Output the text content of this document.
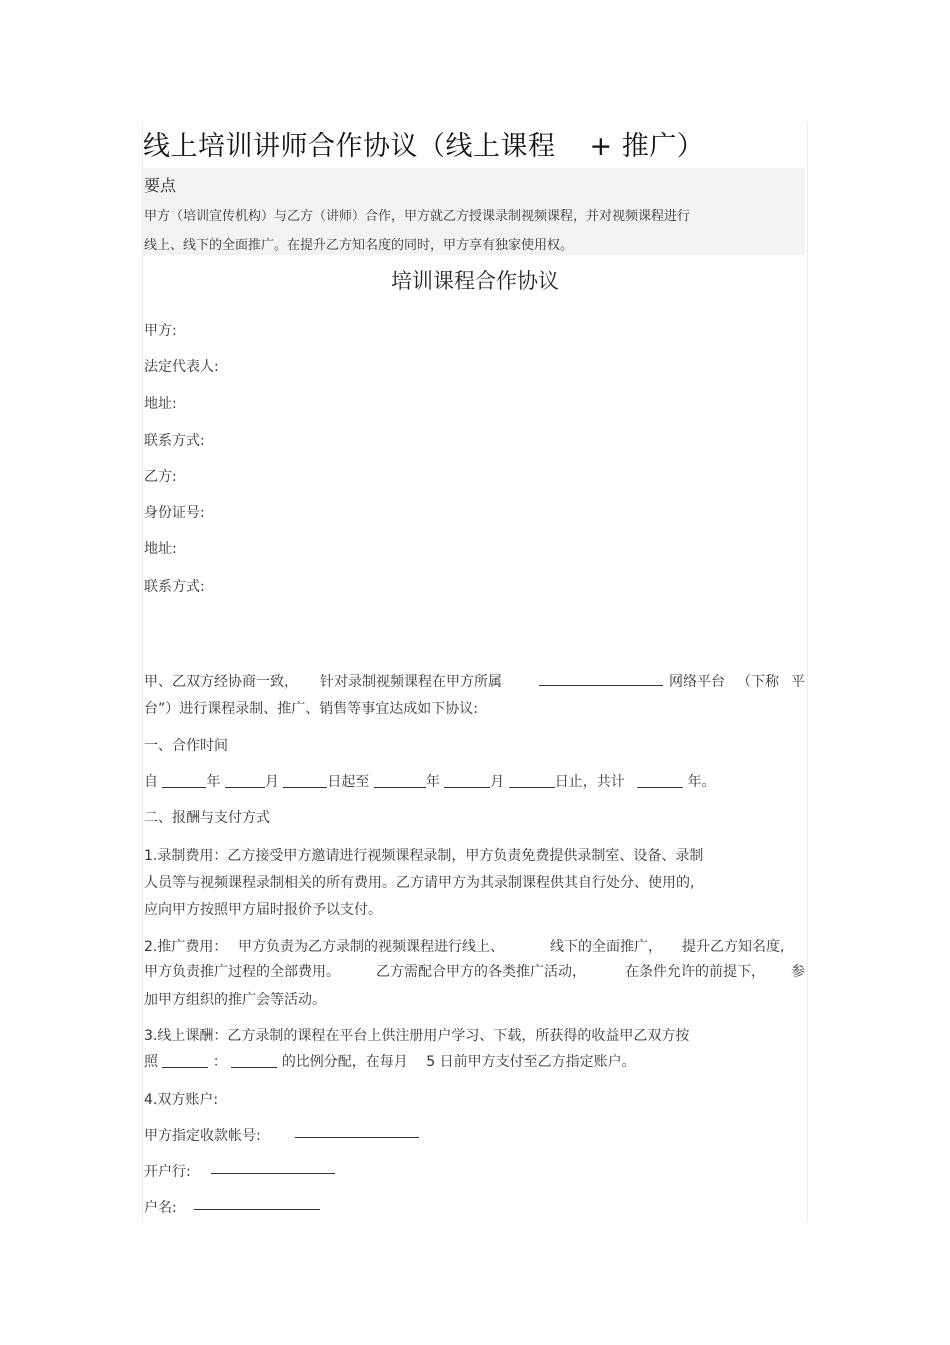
线上培训讲师合作协议（线上课程 + 推广）
要点
甲方（培训宣传机构）与乙方（讲师）合作，甲方就乙方授课录制视频课程，并对视频课程进行
线上、线下的全面推广。在提升乙方知名度的同时，甲方享有独家使用权。
培训课程合作协议
甲方:
法定代表人:
地址:
联系方式:
乙方:
身份证号:
地址:
联系方式:
甲、乙双方经协商一致， 针对录制视频课程在甲方所属	网络平台 （下称 平
台”）进行课程录制、推广、销售等事宜达成如下协议:
一、合作时间
自	年	月	日起至	年	月	日止，共计	年。
二、报酬与支付方式
1.录制费用：乙方接受甲方邀请进行视频课程录制，甲方负责免费提供录制室、设备、录制
人员等与视频课程录制相关的所有费用。乙方请甲方为其录制课程供其自行处分、使用的,
应向甲方按照甲方届时报价予以支付。
2.推广费用： 甲方负责为乙方录制的视频课程进行线上、	线下的全面推广， 提升乙方知名度,
甲方负责推广过程的全部费用。	乙方需配合甲方的各类推广活动，	在条件允许的前提下， 参
加甲方组织的推广会等活动。
3.线上课酬：乙方录制的课程在平台上供注册用户学习、下载，所获得的收益甲乙双方按
照	：	的比例分配，在每月 5 日前甲方支付至乙方指定账户。
4.双方账户:
甲方指定收款帐号:
开户行:
户名:
